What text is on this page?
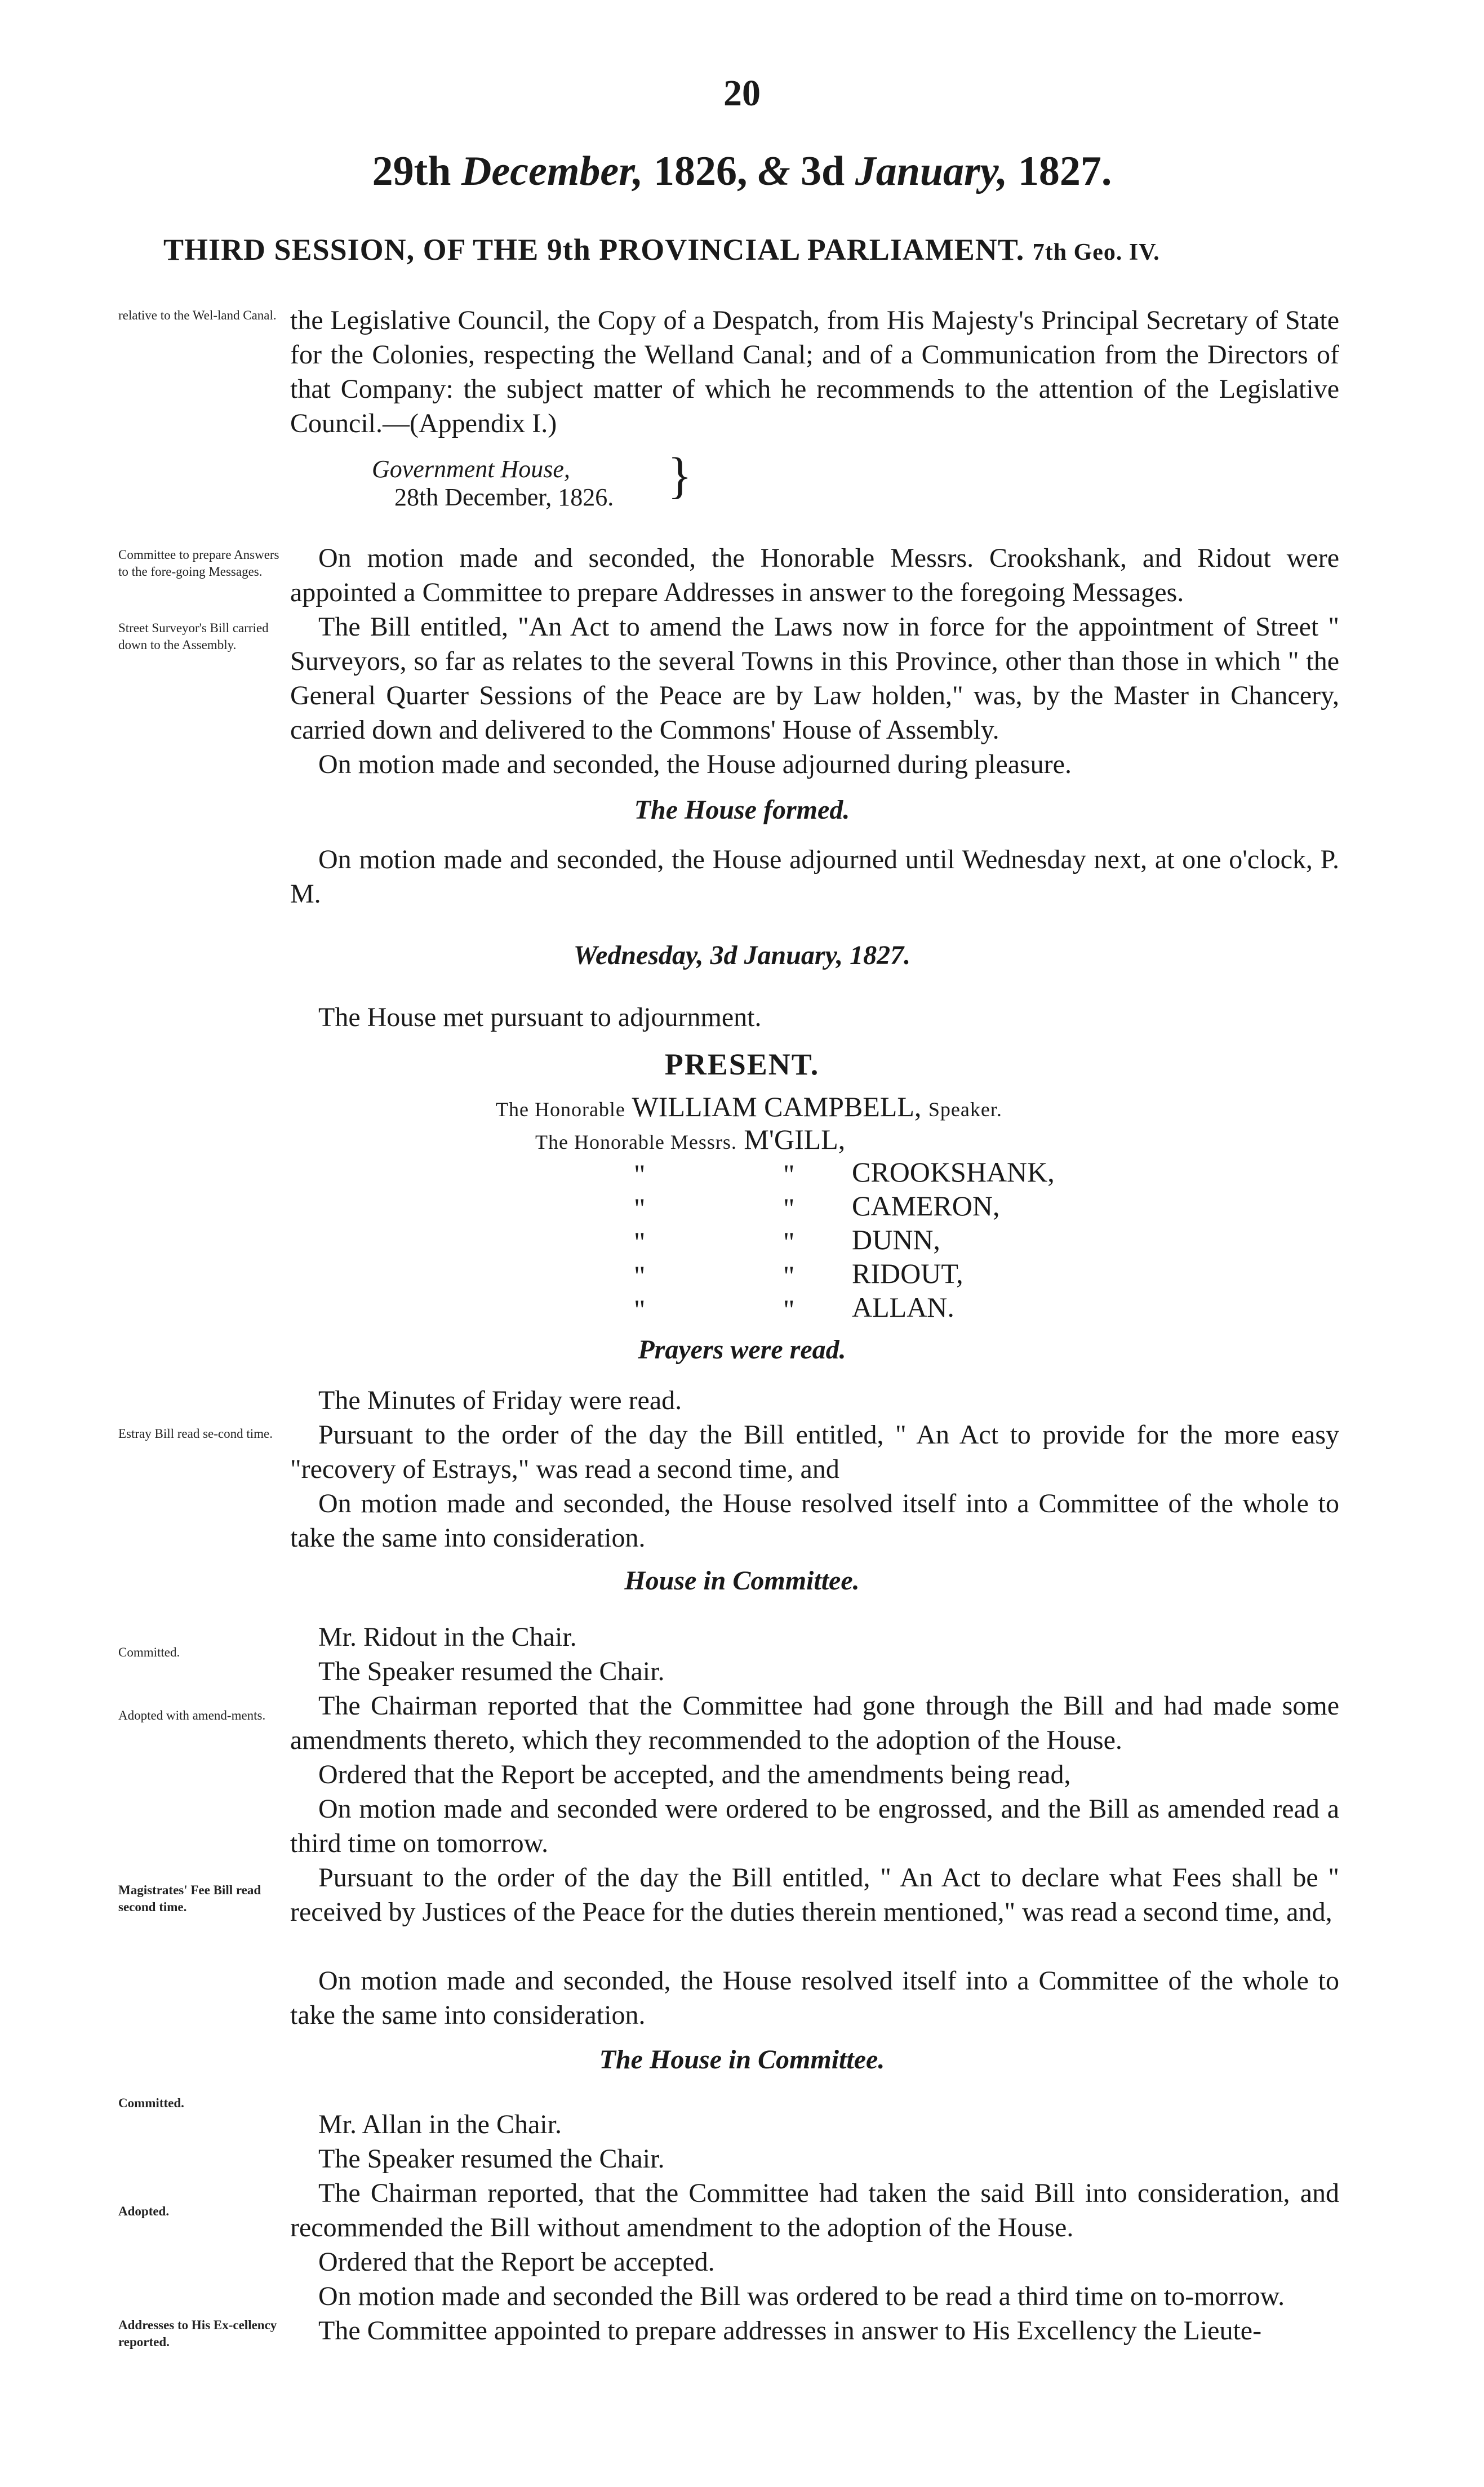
20
29th December, 1826, & 3d January, 1827.
THIRD SESSION, OF THE 9th PROVINCIAL PARLIAMENT. 7th Geo. IV.
relative to the Wel-land Canal.
Committee to prepare Answers to the fore-going Messages.
Street Surveyor's Bill carried down to the Assembly.
Estray Bill read se-cond time.
Committed.
Adopted with amend-ments.
Magistrates' Fee Bill read second time.
Committed.
Adopted.
Addresses to His Ex-cellency reported.
the Legislative Council, the Copy of a Despatch, from His Majesty's Principal Secretary of State for the Colonies, respecting the Welland Canal; and of a Communication from the Directors of that Company: the subject matter of which he recommends to the attention of the Legislative Council.—(Appendix I.)
Government House,
28th December, 1826. }
On motion made and seconded, the Honorable Messrs. Crookshank, and Ridout were appointed a Committee to prepare Addresses in answer to the foregoing Messages.
The Bill entitled, "An Act to amend the Laws now in force for the appointment of Street " Surveyors, so far as relates to the several Towns in this Province, other than those in which " the General Quarter Sessions of the Peace are by Law holden," was, by the Master in Chancery, carried down and delivered to the Commons' House of Assembly.
On motion made and seconded, the House adjourned during pleasure.
The House formed.
On motion made and seconded, the House adjourned until Wednesday next, at one o'clock, P. M.
Wednesday, 3d January, 1827.
The House met pursuant to adjournment.
PRESENT.
The Honorable WILLIAM CAMPBELL, Speaker.
The Honorable Messrs. M'GILL,
"	" CROOKSHANK,
"	" CAMERON,
"	" DUNN,
"	" RIDOUT,
"	" ALLAN.
Prayers were read.
The Minutes of Friday were read.
Pursuant to the order of the day the Bill entitled, " An Act to provide for the more easy "recovery of Estrays," was read a second time, and
On motion made and seconded, the House resolved itself into a Committee of the whole to take the same into consideration.
House in Committee.
Mr. Ridout in the Chair.
The Speaker resumed the Chair.
The Chairman reported that the Committee had gone through the Bill and had made some amendments thereto, which they recommended to the adoption of the House.
Ordered that the Report be accepted, and the amendments being read,
On motion made and seconded were ordered to be engrossed, and the Bill as amended read a third time on tomorrow.
Pursuant to the order of the day the Bill entitled, " An Act to declare what Fees shall be " received by Justices of the Peace for the duties therein mentioned," was read a second time, and,
On motion made and seconded, the House resolved itself into a Committee of the whole to take the same into consideration.
The House in Committee.
Mr. Allan in the Chair.
The Speaker resumed the Chair.
The Chairman reported, that the Committee had taken the said Bill into consideration, and recommended the Bill without amendment to the adoption of the House.
Ordered that the Report be accepted.
On motion made and seconded the Bill was ordered to be read a third time on to-morrow.
The Committee appointed to prepare addresses in answer to His Excellency the Lieute-
